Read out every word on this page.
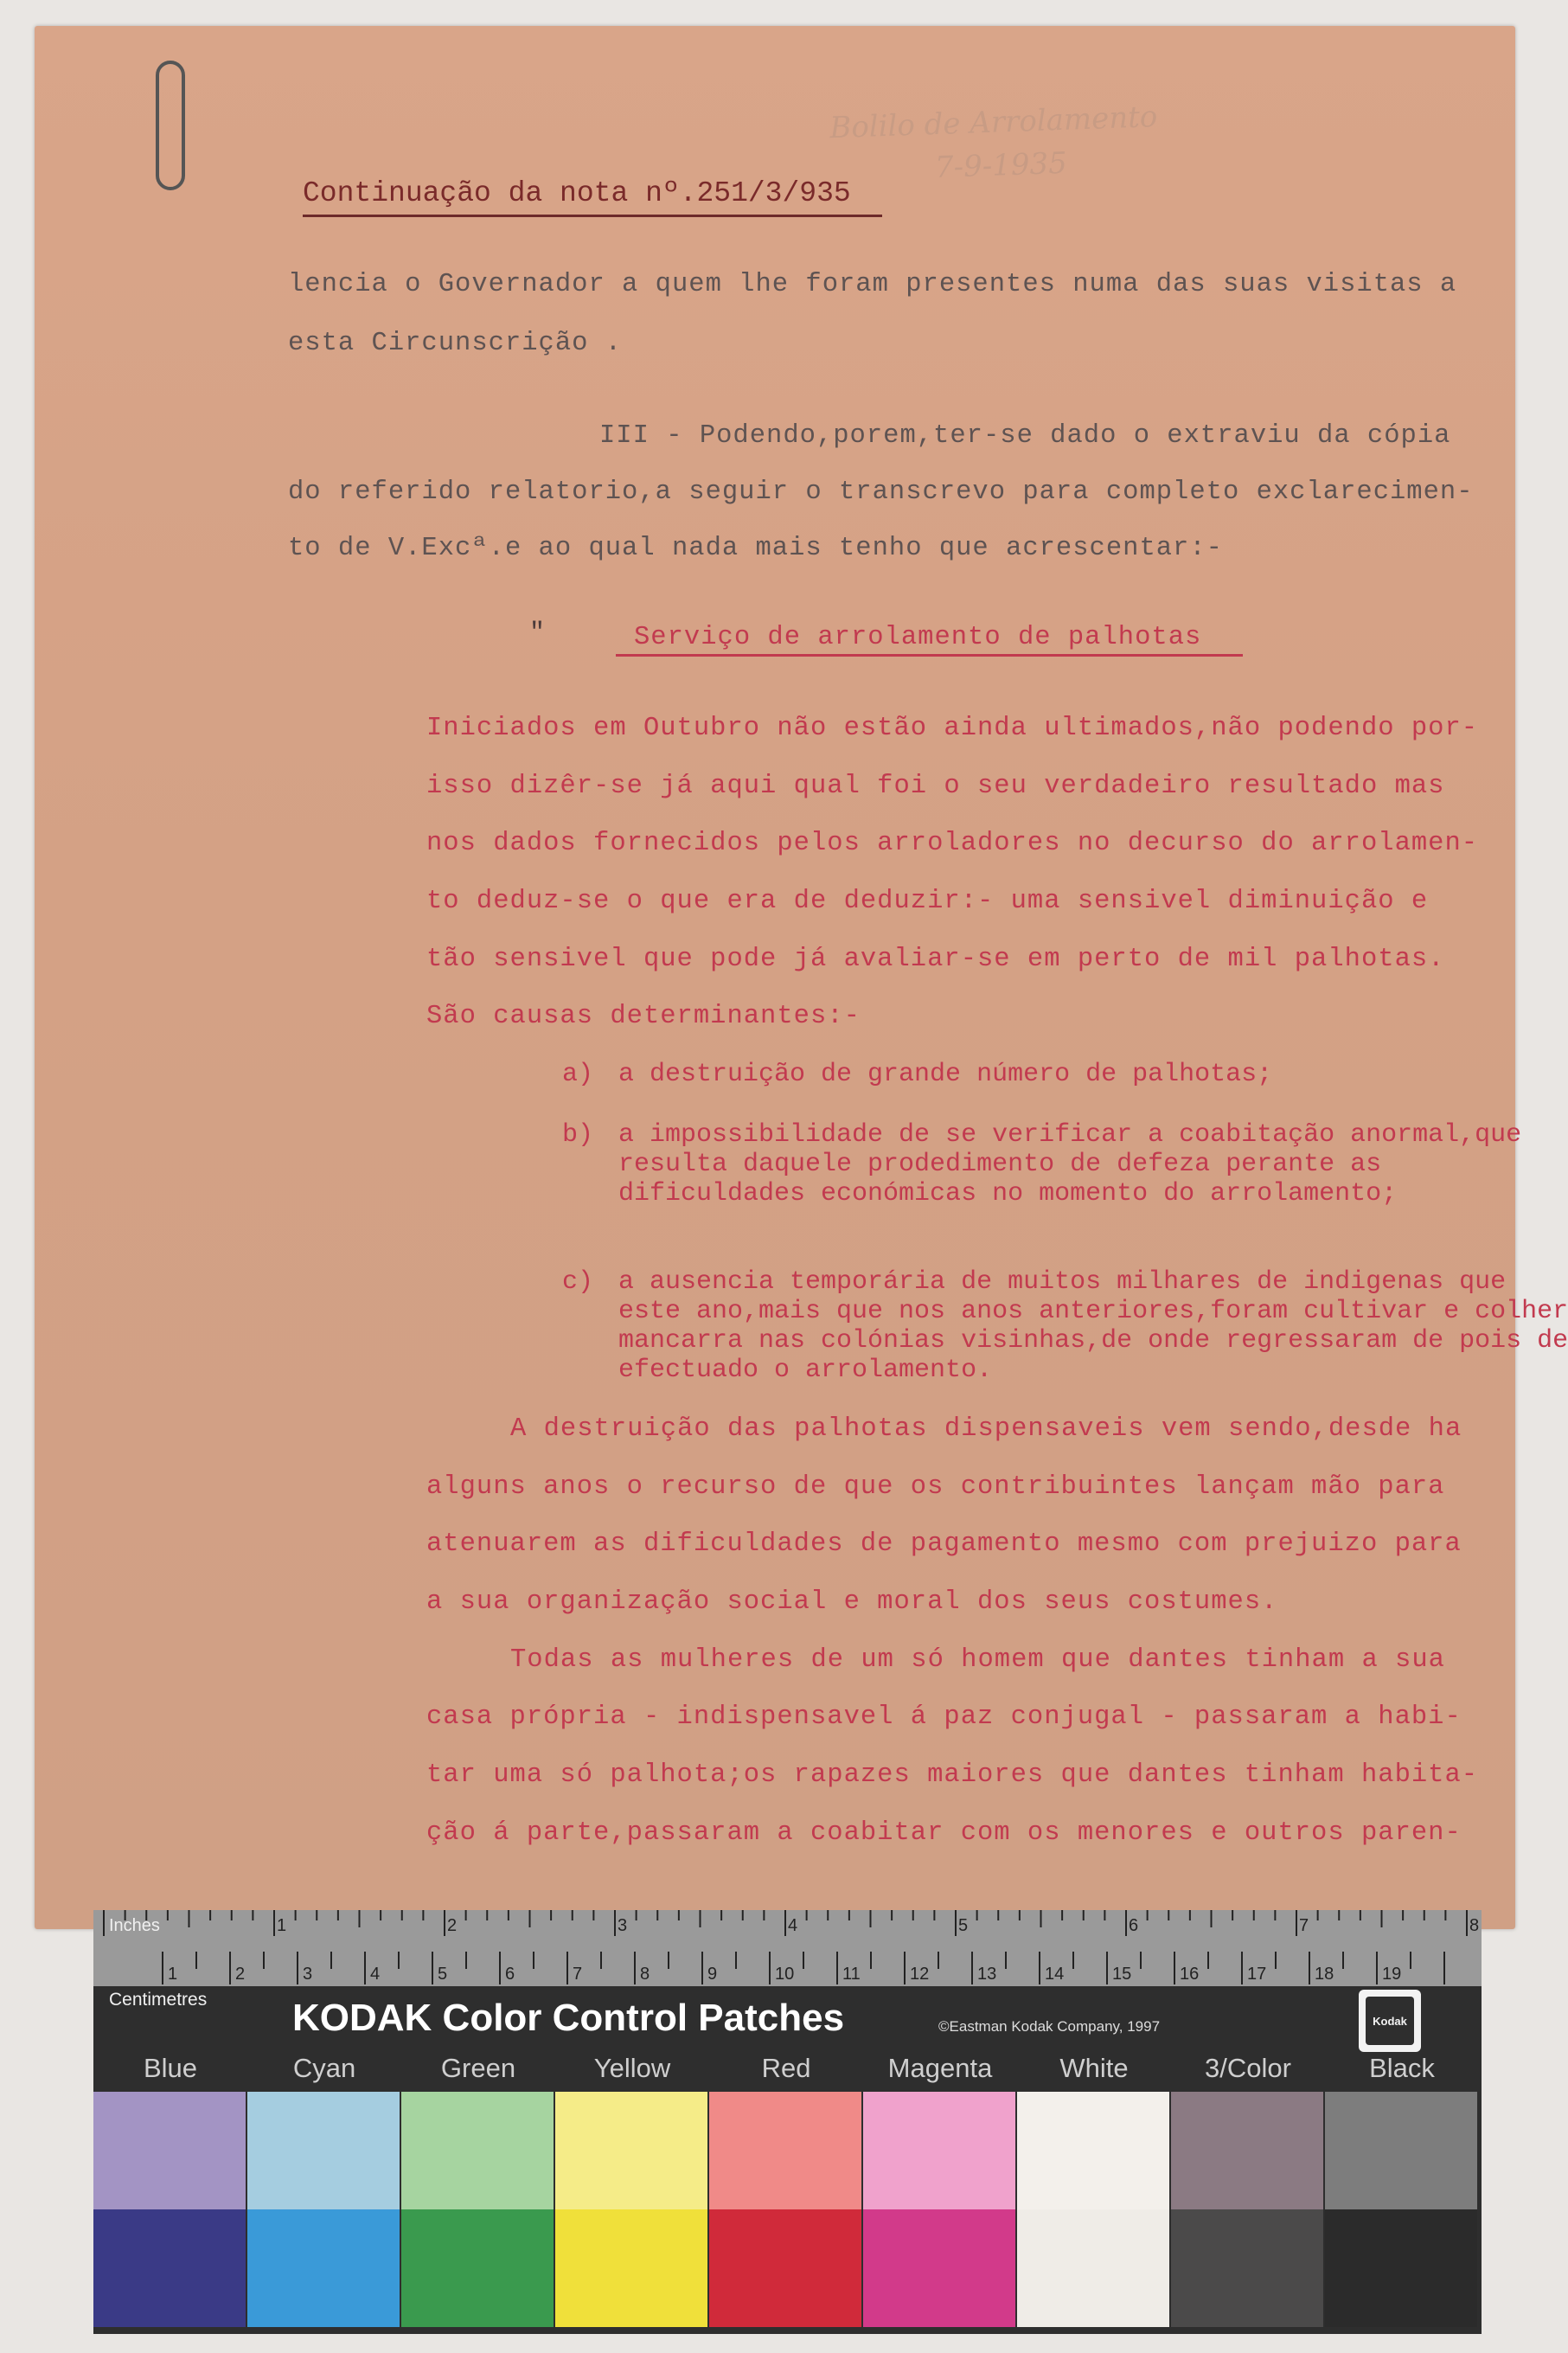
Bolilo de Arrolamento
7-9-1935
Continuação da nota nº.251/3/935
lencia o Governador a quem lhe foram presentes numa das suas visitas a
esta Circunscrição .
III - Podendo,porem,ter-se dado o extraviu da cópia
do referido relatorio,a seguir o transcrevo para completo exclarecimen-
to de V.Excª.e ao qual nada mais tenho que acrescentar:-
"	Serviço de arrolamento de palhotas
Iniciados em Outubro não estão ainda ultimados,não podendo por-
isso dizêr-se já aqui qual foi o seu verdadeiro resultado mas
nos dados fornecidos pelos arroladores no decurso do arrolamen-
to deduz-se o que era de deduzir:- uma sensivel diminuição e
tão sensivel que pode já avaliar-se em perto de mil palhotas.
São causas determinantes:-
a) a destruição de grande número de palhotas;
b) a impossibilidade de se verificar a coabitação anormal,que resulta daquele prodedimento de defeza perante as dificuldades económicas no momento do arrolamento;
c) a ausencia temporária de muitos milhares de indigenas que este ano,mais que nos anos anteriores,foram cultivar e colher mancarra nas colónias visinhas,de onde regressaram de pois de efectuado o arrolamento.
A destruição das palhotas dispensaveis vem sendo,desde ha
alguns anos o recurso de que os contribuintes lançam mão para
atenuarem as dificuldades de pagamento mesmo com prejuizo para
a sua organização social e moral dos seus costumes.
Todas as mulheres de um só homem que dantes tinham a sua
casa própria - indispensavel á paz conjugal - passaram a habi-
tar uma só palhota;os rapazes maiores que dantes tinham habita-
ção á parte,passaram a coabitar com os menores e outros paren-
Inches	1	2	3	4	5	6	7	8
1	2	3	4	5	6	7	8	9	10	11	12	13	14	15	16	17	18	19
Centimetres KODAK Color Control Patches	©Eastman Kodak Company, 1997	Kodak
Blue	Cyan	Green	Yellow	Red	Magenta	White	3/Color	Black
